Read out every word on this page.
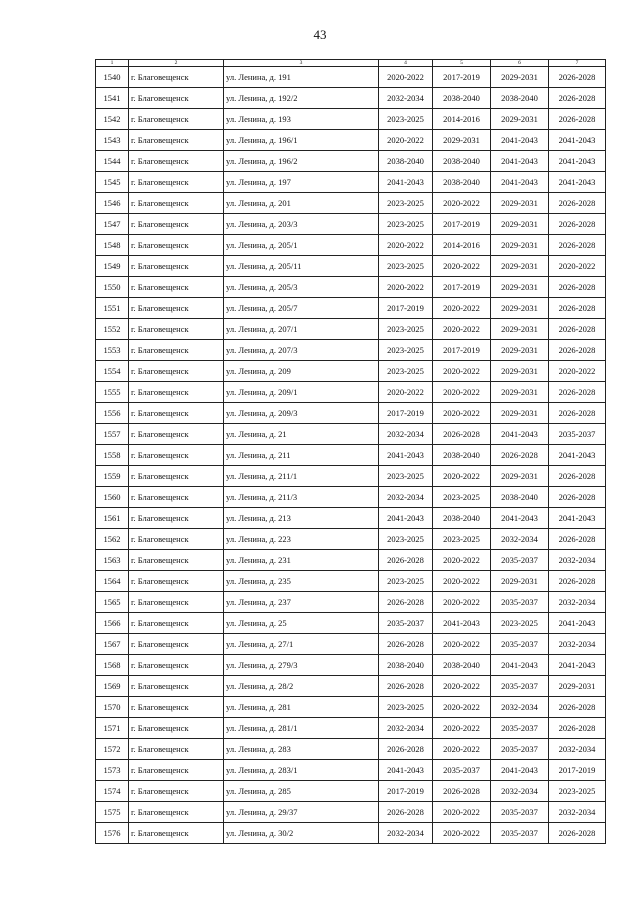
43
1	2	3	4	5	6	7
1540	г. Благовещенск	ул. Ленина, д. 191	2020-2022	2017-2019	2029-2031	2026-2028
1541	г. Благовещенск	ул. Ленина, д. 192/2	2032-2034	2038-2040	2038-2040	2026-2028
1542	г. Благовещенск	ул. Ленина, д. 193	2023-2025	2014-2016	2029-2031	2026-2028
1543	г. Благовещенск	ул. Ленина, д. 196/1	2020-2022	2029-2031	2041-2043	2041-2043
1544	г. Благовещенск	ул. Ленина, д. 196/2	2038-2040	2038-2040	2041-2043	2041-2043
1545	г. Благовещенск	ул. Ленина, д. 197	2041-2043	2038-2040	2041-2043	2041-2043
1546	г. Благовещенск	ул. Ленина, д. 201	2023-2025	2020-2022	2029-2031	2026-2028
1547	г. Благовещенск	ул. Ленина, д. 203/3	2023-2025	2017-2019	2029-2031	2026-2028
1548	г. Благовещенск	ул. Ленина, д. 205/1	2020-2022	2014-2016	2029-2031	2026-2028
1549	г. Благовещенск	ул. Ленина, д. 205/11	2023-2025	2020-2022	2029-2031	2020-2022
1550	г. Благовещенск	ул. Ленина, д. 205/3	2020-2022	2017-2019	2029-2031	2026-2028
1551	г. Благовещенск	ул. Ленина, д. 205/7	2017-2019	2020-2022	2029-2031	2026-2028
1552	г. Благовещенск	ул. Ленина, д. 207/1	2023-2025	2020-2022	2029-2031	2026-2028
1553	г. Благовещенск	ул. Ленина, д. 207/3	2023-2025	2017-2019	2029-2031	2026-2028
1554	г. Благовещенск	ул. Ленина, д. 209	2023-2025	2020-2022	2029-2031	2020-2022
1555	г. Благовещенск	ул. Ленина, д. 209/1	2020-2022	2020-2022	2029-2031	2026-2028
1556	г. Благовещенск	ул. Ленина, д. 209/3	2017-2019	2020-2022	2029-2031	2026-2028
1557	г. Благовещенск	ул. Ленина, д. 21	2032-2034	2026-2028	2041-2043	2035-2037
1558	г. Благовещенск	ул. Ленина, д. 211	2041-2043	2038-2040	2026-2028	2041-2043
1559	г. Благовещенск	ул. Ленина, д. 211/1	2023-2025	2020-2022	2029-2031	2026-2028
1560	г. Благовещенск	ул. Ленина, д. 211/3	2032-2034	2023-2025	2038-2040	2026-2028
1561	г. Благовещенск	ул. Ленина, д. 213	2041-2043	2038-2040	2041-2043	2041-2043
1562	г. Благовещенск	ул. Ленина, д. 223	2023-2025	2023-2025	2032-2034	2026-2028
1563	г. Благовещенск	ул. Ленина, д. 231	2026-2028	2020-2022	2035-2037	2032-2034
1564	г. Благовещенск	ул. Ленина, д. 235	2023-2025	2020-2022	2029-2031	2026-2028
1565	г. Благовещенск	ул. Ленина, д. 237	2026-2028	2020-2022	2035-2037	2032-2034
1566	г. Благовещенск	ул. Ленина, д. 25	2035-2037	2041-2043	2023-2025	2041-2043
1567	г. Благовещенск	ул. Ленина, д. 27/1	2026-2028	2020-2022	2035-2037	2032-2034
1568	г. Благовещенск	ул. Ленина, д. 279/3	2038-2040	2038-2040	2041-2043	2041-2043
1569	г. Благовещенск	ул. Ленина, д. 28/2	2026-2028	2020-2022	2035-2037	2029-2031
1570	г. Благовещенск	ул. Ленина, д. 281	2023-2025	2020-2022	2032-2034	2026-2028
1571	г. Благовещенск	ул. Ленина, д. 281/1	2032-2034	2020-2022	2035-2037	2026-2028
1572	г. Благовещенск	ул. Ленина, д. 283	2026-2028	2020-2022	2035-2037	2032-2034
1573	г. Благовещенск	ул. Ленина, д. 283/1	2041-2043	2035-2037	2041-2043	2017-2019
1574	г. Благовещенск	ул. Ленина, д. 285	2017-2019	2026-2028	2032-2034	2023-2025
1575	г. Благовещенск	ул. Ленина, д. 29/37	2026-2028	2020-2022	2035-2037	2032-2034
1576	г. Благовещенск	ул. Ленина, д. 30/2	2032-2034	2020-2022	2035-2037	2026-2028
